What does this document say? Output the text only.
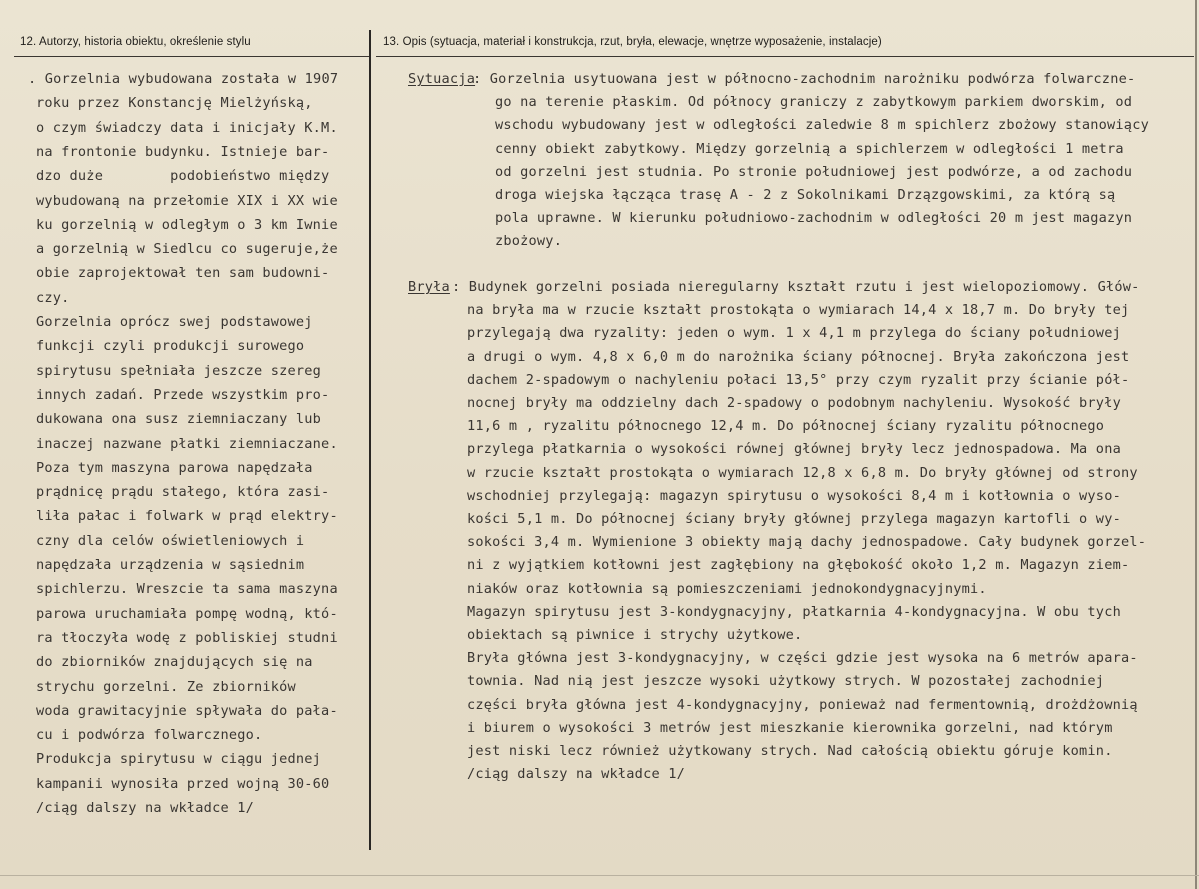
12. Autorzy, historia obiektu, określenie stylu	13. Opis (sytuacja, materiał i konstrukcja, rzut, bryła, elewacje, wnętrze wyposażenie, instalacje)
. Gorzelnia wybudowana została w 1907
roku przez Konstancję Mielżyńską,
o czym świadczy data i inicjały K.M.
na frontonie budynku. Istnieje bar-
dzo duże        podobieństwo między
wybudowaną na przełomie XIX i XX wie
ku gorzelnią w odległym o 3 km Iwnie
a gorzelnią w Siedlcu co sugeruje,że
obie zaprojektował ten sam budowni-
czy.
Gorzelnia oprócz swej podstawowej
funkcji czyli produkcji surowego
spirytusu spełniała jeszcze szereg
innych zadań. Przede wszystkim pro-
dukowana ona susz ziemniaczany lub
inaczej nazwane płatki ziemniaczane.
Poza tym maszyna parowa napędzała
prądnicę prądu stałego, która zasi-
liła pałac i folwark w prąd elektry-
czny dla celów oświetleniowych i
napędzała urządzenia w sąsiednim
spichlerzu. Wreszcie ta sama maszyna
parowa uruchamiała pompę wodną, któ-
ra tłoczyła wodę z pobliskiej studni
do zbiorników znajdujących się na
strychu gorzelni. Ze zbiorników
woda grawitacyjnie spływała do pała-
cu i podwórza folwarcznego.
Produkcja spirytusu w ciągu jednej
kampanii wynosiła przed wojną 30-60
/ciąg dalszy na wkładce 1/
Sytuacja
: Gorzelnia usytuowana jest w północno-zachodnim narożniku podwórza folwarczne-
go na terenie płaskim. Od północy graniczy z zabytkowym parkiem dworskim, od
wschodu wybudowany jest w odległości zaledwie 8 m spichlerz zbożowy stanowiący
cenny obiekt zabytkowy. Między gorzelnią a spichlerzem w odległości 1 metra
od gorzelni jest studnia. Po stronie południowej jest podwórze, a od zachodu
droga wiejska łącząca trasę A - 2 z Sokolnikami Drzązgowskimi, za którą są
pola uprawne. W kierunku południowo-zachodnim w odległości 20 m jest magazyn
zbożowy.
Bryła : Budynek gorzelni posiada nieregularny kształt rzutu i jest wielopoziomowy. Głów-
na bryła ma w rzucie kształt prostokąta o wymiarach 14,4 x 18,7 m. Do bryły tej
przylegają dwa ryzality: jeden o wym. 1 x 4,1 m przylega do ściany południowej
a drugi o wym. 4,8 x 6,0 m do narożnika ściany północnej. Bryła zakończona jest
dachem 2-spadowym o nachyleniu połaci 13,5° przy czym ryzalit przy ścianie pół-
nocnej bryły ma oddzielny dach 2-spadowy o podobnym nachyleniu. Wysokość bryły
11,6 m , ryzalitu północnego 12,4 m. Do północnej ściany ryzalitu północnego
przylega płatkarnia o wysokości równej głównej bryły lecz jednospadowa. Ma ona
w rzucie kształt prostokąta o wymiarach 12,8 x 6,8 m. Do bryły głównej od strony
wschodniej przylegają: magazyn spirytusu o wysokości 8,4 m i kotłownia o wyso-
kości 5,1 m. Do północnej ściany bryły głównej przylega magazyn kartofli o wy-
sokości 3,4 m. Wymienione 3 obiekty mają dachy jednospadowe. Cały budynek gorzel-
ni z wyjątkiem kotłowni jest zagłębiony na głębokość około 1,2 m. Magazyn ziem-
niaków oraz kotłownia są pomieszczeniami jednokondygnacyjnymi.
Magazyn spirytusu jest 3-kondygnacyjny, płatkarnia 4-kondygnacyjna. W obu tych
obiektach są piwnice i strychy użytkowe.
Bryła główna jest 3-kondygnacyjny, w części gdzie jest wysoka na 6 metrów apara-
townia. Nad nią jest jeszcze wysoki użytkowy strych. W pozostałej zachodniej
części bryła główna jest 4-kondygnacyjny, ponieważ nad fermentownią, drożdżownią
i biurem o wysokości 3 metrów jest mieszkanie kierownika gorzelni, nad którym
jest niski lecz również użytkowany strych. Nad całością obiektu góruje komin.
/ciąg dalszy na wkładce 1/
